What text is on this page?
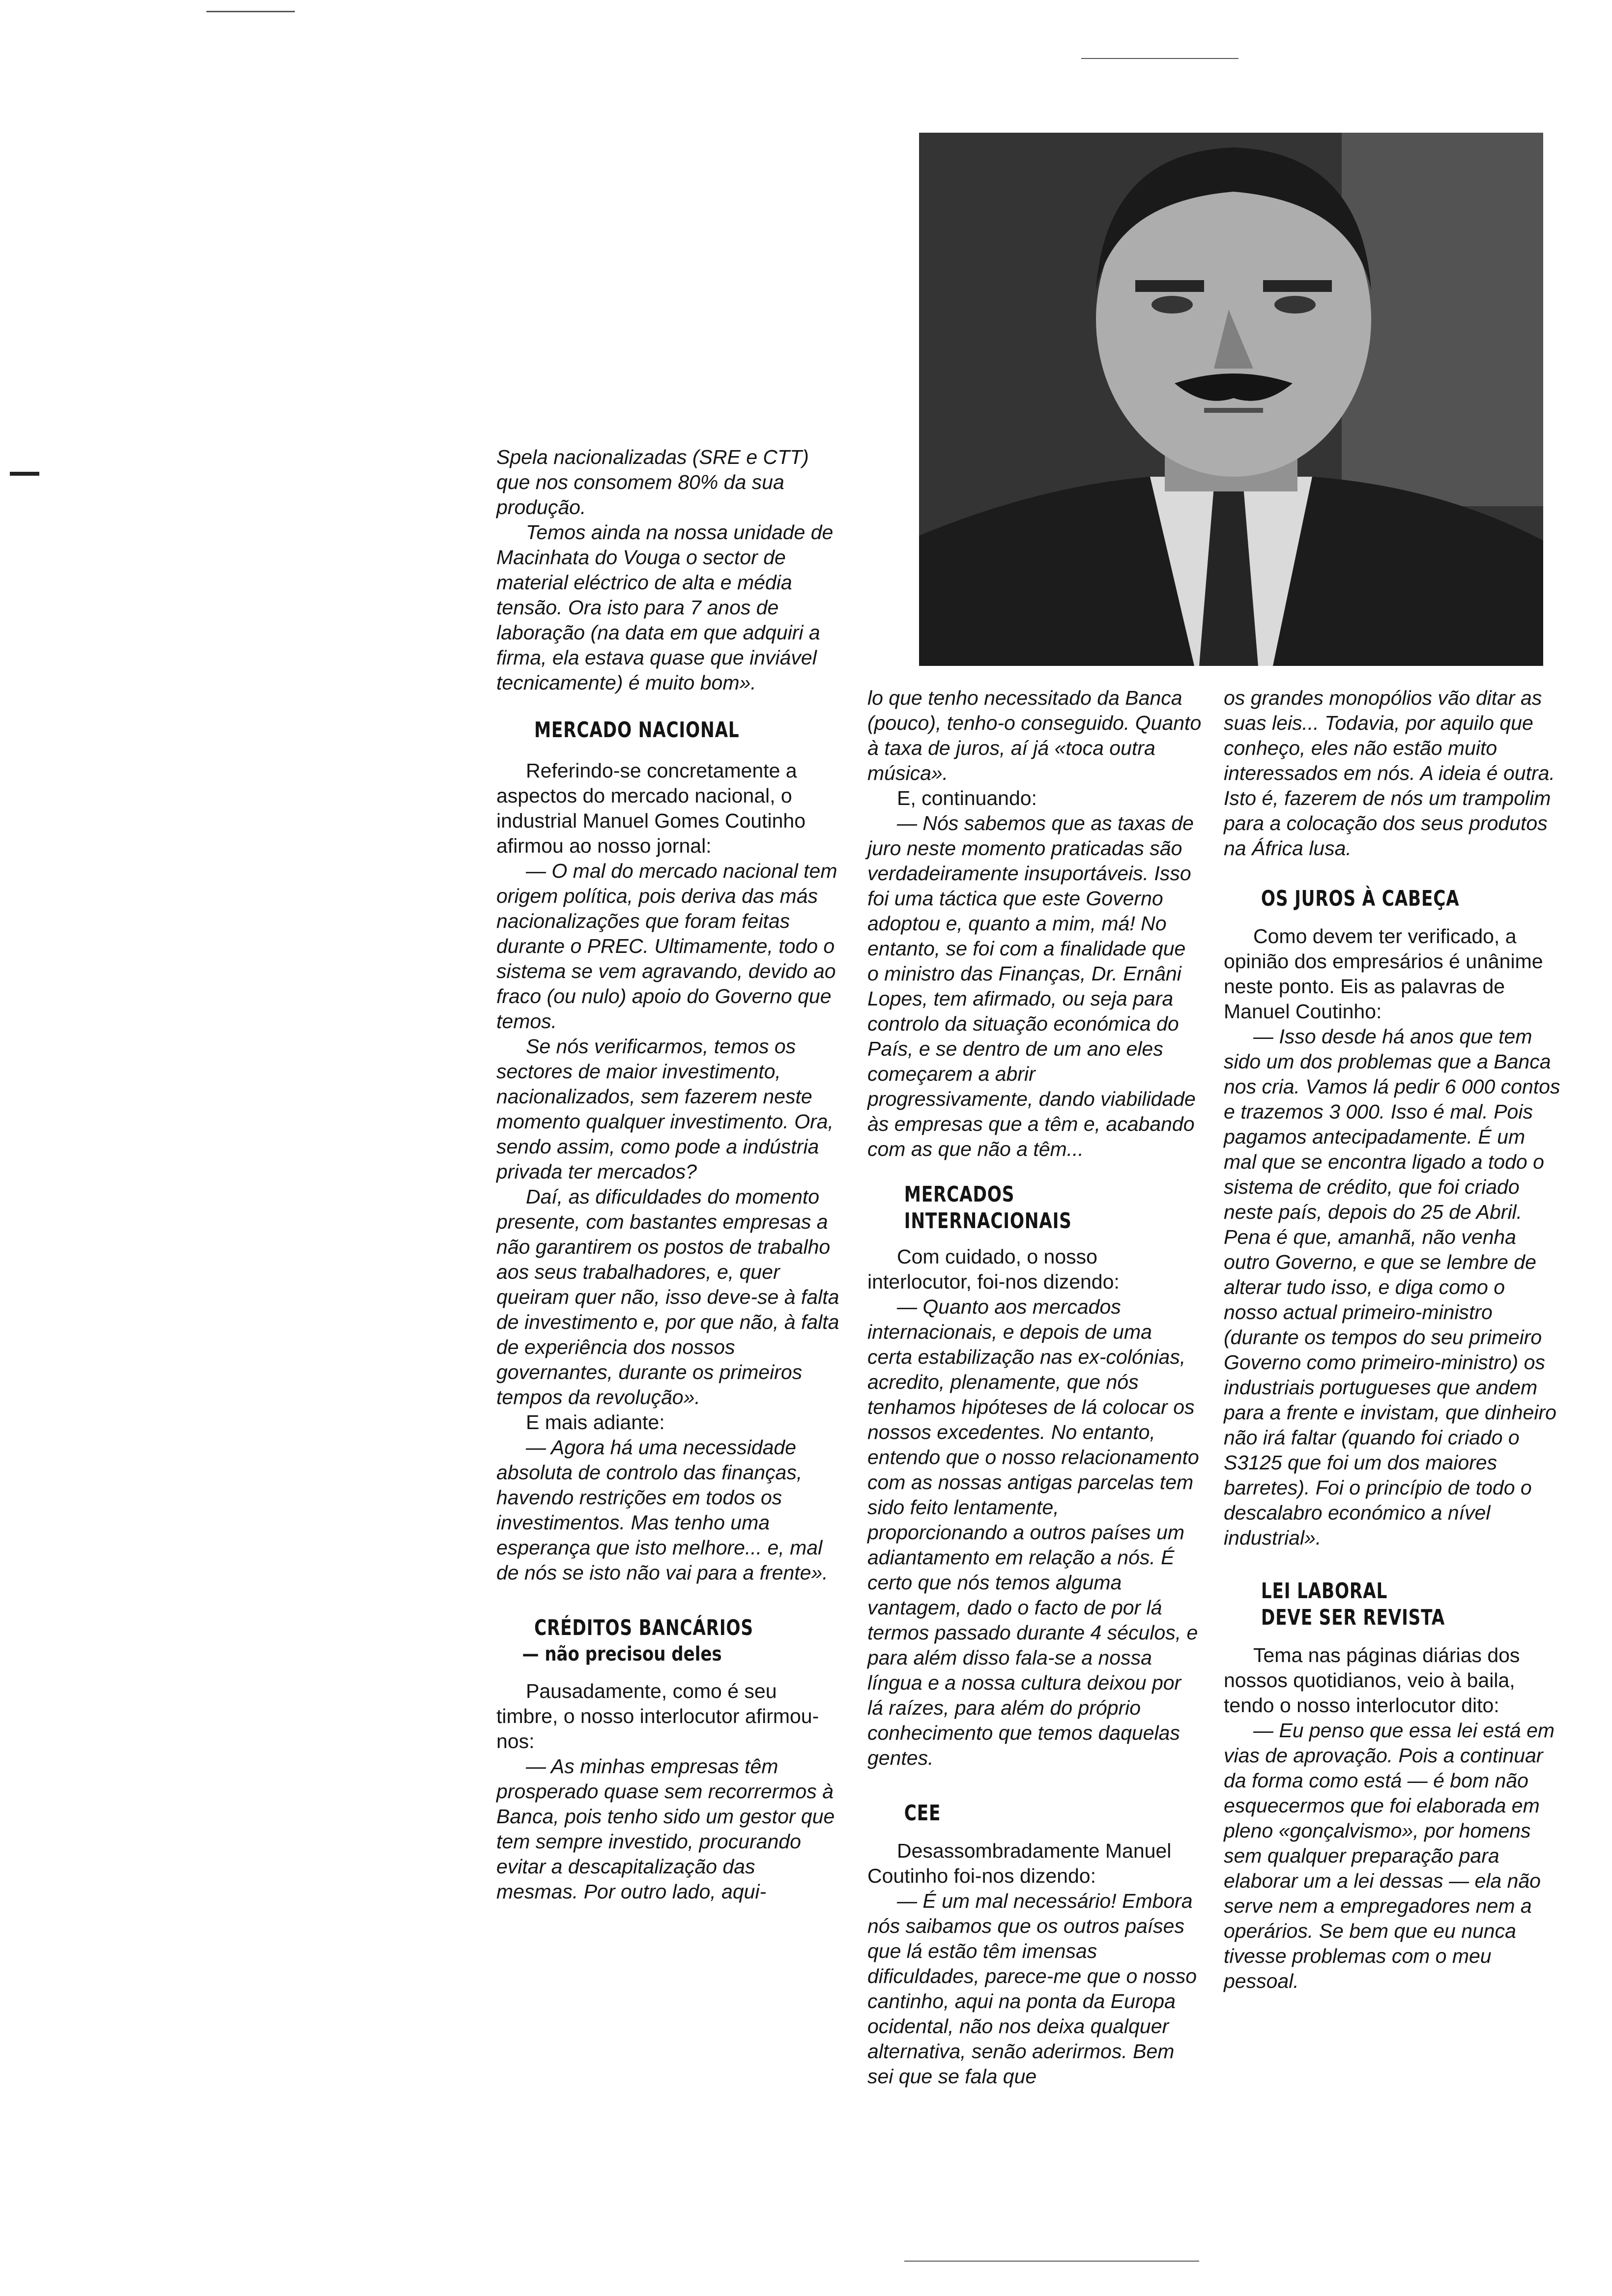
Spela nacionalizadas (SRE e CTT) que nos consomem 80% da sua produção.

Temos ainda na nossa unidade de Macinhata do Vouga o sector de material eléctrico de alta e média tensão. Ora isto para 7 anos de laboração (na data em que adquiri a firma, ela estava quase que inviável tecnicamente) é muito bom».

MERCADO NACIONAL

Referindo-se concretamente a aspectos do mercado nacional, o industrial Manuel Gomes Coutinho afirmou ao nosso jornal:

— O mal do mercado nacional tem origem política, pois deriva das más nacionalizações que foram feitas durante o PREC. Ultimamente, todo o sistema se vem agravando, devido ao fraco (ou nulo) apoio do Governo que temos.

Se nós verificarmos, temos os sectores de maior investimento, nacionalizados, sem fazerem neste momento qualquer investimento. Ora, sendo assim, como pode a indústria privada ter mercados?

Daí, as dificuldades do momento presente, com bastantes empresas a não garantirem os postos de trabalho aos seus trabalhadores, e, quer queiram quer não, isso deve-se à falta de investimento e, por que não, à falta de experiência dos nossos governantes, durante os primeiros tempos da revolução».

E mais adiante:

— Agora há uma necessidade absoluta de controlo das finanças, havendo restrições em todos os investimentos. Mas tenho uma esperança que isto melhore... e, mal de nós se isto não vai para a frente».

CRÉDITOS BANCÁRIOS

— não precisou deles

Pausadamente, como é seu timbre, o nosso interlocutor afirmou-nos:

— As minhas empresas têm prosperado quase sem recorrermos à Banca, pois tenho sido um gestor que tem sempre investido, procurando evitar a descapitalização das mesmas. Por outro lado, aqui-

lo que tenho necessitado da Banca (pouco), tenho-o conseguido. Quanto à taxa de juros, aí já «toca outra música».

E, continuando:

— Nós sabemos que as taxas de juro neste momento praticadas são verdadeiramente insuportáveis. Isso foi uma táctica que este Governo adoptou e, quanto a mim, má! No entanto, se foi com a finalidade que o ministro das Finanças, Dr. Ernâni Lopes, tem afirmado, ou seja para controlo da situação económica do País, e se dentro de um ano eles começarem a abrir progressivamente, dando viabilidade às empresas que a têm e, acabando com as que não a têm...

MERCADOS INTERNACIONAIS

Com cuidado, o nosso interlocutor, foi-nos dizendo:

— Quanto aos mercados internacionais, e depois de uma certa estabilização nas ex-colónias, acredito, plenamente, que nós tenhamos hipóteses de lá colocar os nossos excedentes. No entanto, entendo que o nosso relacionamento com as nossas antigas parcelas tem sido feito lentamente, proporcionando a outros países um adiantamento em relação a nós. É certo que nós temos alguma vantagem, dado o facto de por lá termos passado durante 4 séculos, e para além disso fala-se a nossa língua e a nossa cultura deixou por lá raízes, para além do próprio conhecimento que temos daquelas gentes.

CEE

Desassombradamente Manuel Coutinho foi-nos dizendo:

— É um mal necessário! Embora nós saibamos que os outros países que lá estão têm imensas dificuldades, parece-me que o nosso cantinho, aqui na ponta da Europa ocidental, não nos deixa qualquer alternativa, senão aderirmos. Bem sei que se fala que

os grandes monopólios vão ditar as suas leis... Todavia, por aquilo que conheço, eles não estão muito interessados em nós. A ideia é outra. Isto é, fazerem de nós um trampolim para a colocação dos seus produtos na África lusa.

OS JUROS À CABEÇA

Como devem ter verificado, a opinião dos empresários é unânime neste ponto. Eis as palavras de Manuel Coutinho:

— Isso desde há anos que tem sido um dos problemas que a Banca nos cria. Vamos lá pedir 6 000 contos e trazemos 3 000. Isso é mal. Pois pagamos antecipadamente. É um mal que se encontra ligado a todo o sistema de crédito, que foi criado neste país, depois do 25 de Abril. Pena é que, amanhã, não venha outro Governo, e que se lembre de alterar tudo isso, e diga como o nosso actual primeiro-ministro (durante os tempos do seu primeiro Governo como primeiro-ministro) os industriais portugueses que andem para a frente e invistam, que dinheiro não irá faltar (quando foi criado o S3125 que foi um dos maiores barretes). Foi o princípio de todo o descalabro económico a nível industrial».

LEI LABORAL

DEVE SER REVISTA

Tema nas páginas diárias dos nossos quotidianos, veio à baila, tendo o nosso interlocutor dito:

— Eu penso que essa lei está em vias de aprovação. Pois a continuar da forma como está — é bom não esquecermos que foi elaborada em pleno «gonçalvismo», por homens sem qualquer preparação para elaborar um a lei dessas — ela não serve nem a empregadores nem a operários. Se bem que eu nunca tivesse problemas com o meu pessoal.
